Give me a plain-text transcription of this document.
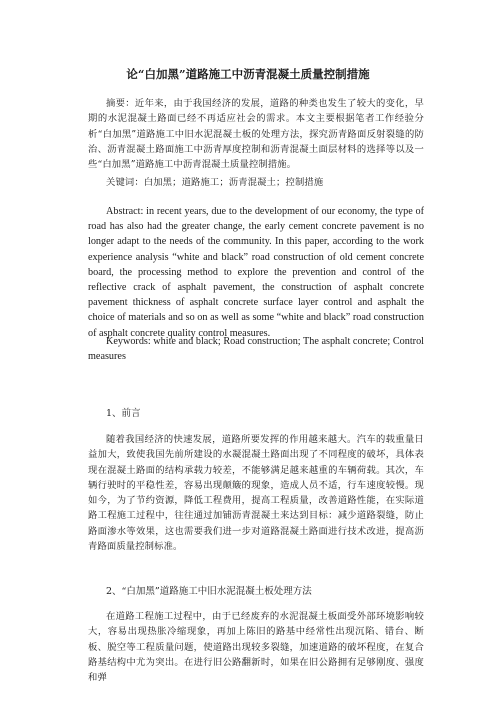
论“白加黑”道路施工中沥青混凝土质量控制措施

摘要：近年来，由于我国经济的发展，道路的种类也发生了较大的变化，早期的水泥混凝土路面已经不再适应社会的需求。本文主要根据笔者工作经验分析“白加黑”道路施工中旧水泥混凝土板的处理方法，探究沥青路面反射裂缝的防治、沥青混凝土路面施工中沥青厚度控制和沥青混凝土面层材料的选择等以及一些“白加黑”道路施工中沥青混凝土质量控制措施。

关键词：白加黑；道路施工；沥青混凝土；控制措施

Abstract: in recent years, due to the development of our economy, the type of road has also had the greater change, the early cement concrete pavement is no longer adapt to the needs of the community. In this paper, according to the work experience analysis “white and black” road construction of old cement concrete board, the processing method to explore the prevention and control of the reflective crack of asphalt pavement, the construction of asphalt concrete pavement thickness of asphalt concrete surface layer control and asphalt the choice of materials and so on as well as some “white and black” road construction of asphalt concrete quality control measures.

Keywords: white and black; Road construction; The asphalt concrete; Control measures

1、前言

随着我国经济的快速发展，道路所要发挥的作用越来越大。汽车的载重量日益加大，致使我国先前所建设的水凝混凝土路面出现了不同程度的破坏，具体表现在混凝土路面的结构承载力较差，不能够满足越来越重的车辆荷载。其次，车辆行驶时的平稳性差，容易出现颠簸的现象，造成人员不适，行车速度较慢。现如今，为了节约资源，降低工程费用，提高工程质量，改善道路性能，在实际道路工程施工过程中，往往通过加铺沥青混凝土来达到目标：减少道路裂缝，防止路面渗水等效果，这也需要我们进一步对道路混凝土路面进行技术改进，提高沥青路面质量控制标准。

2、“白加黑”道路施工中旧水泥混凝土板处理方法

在道路工程施工过程中，由于已经废弃的水泥混凝土板面受外部环境影响较大，容易出现热胀冷缩现象，再加上陈旧的路基中经常性出现沉陷、错台、断板、脱空等工程质量问题，使道路出现较多裂缝，加速道路的破坏程度，在复合路基结构中尤为突出。在进行旧公路翻新时，如果在旧公路拥有足够刚度、强度和弹
